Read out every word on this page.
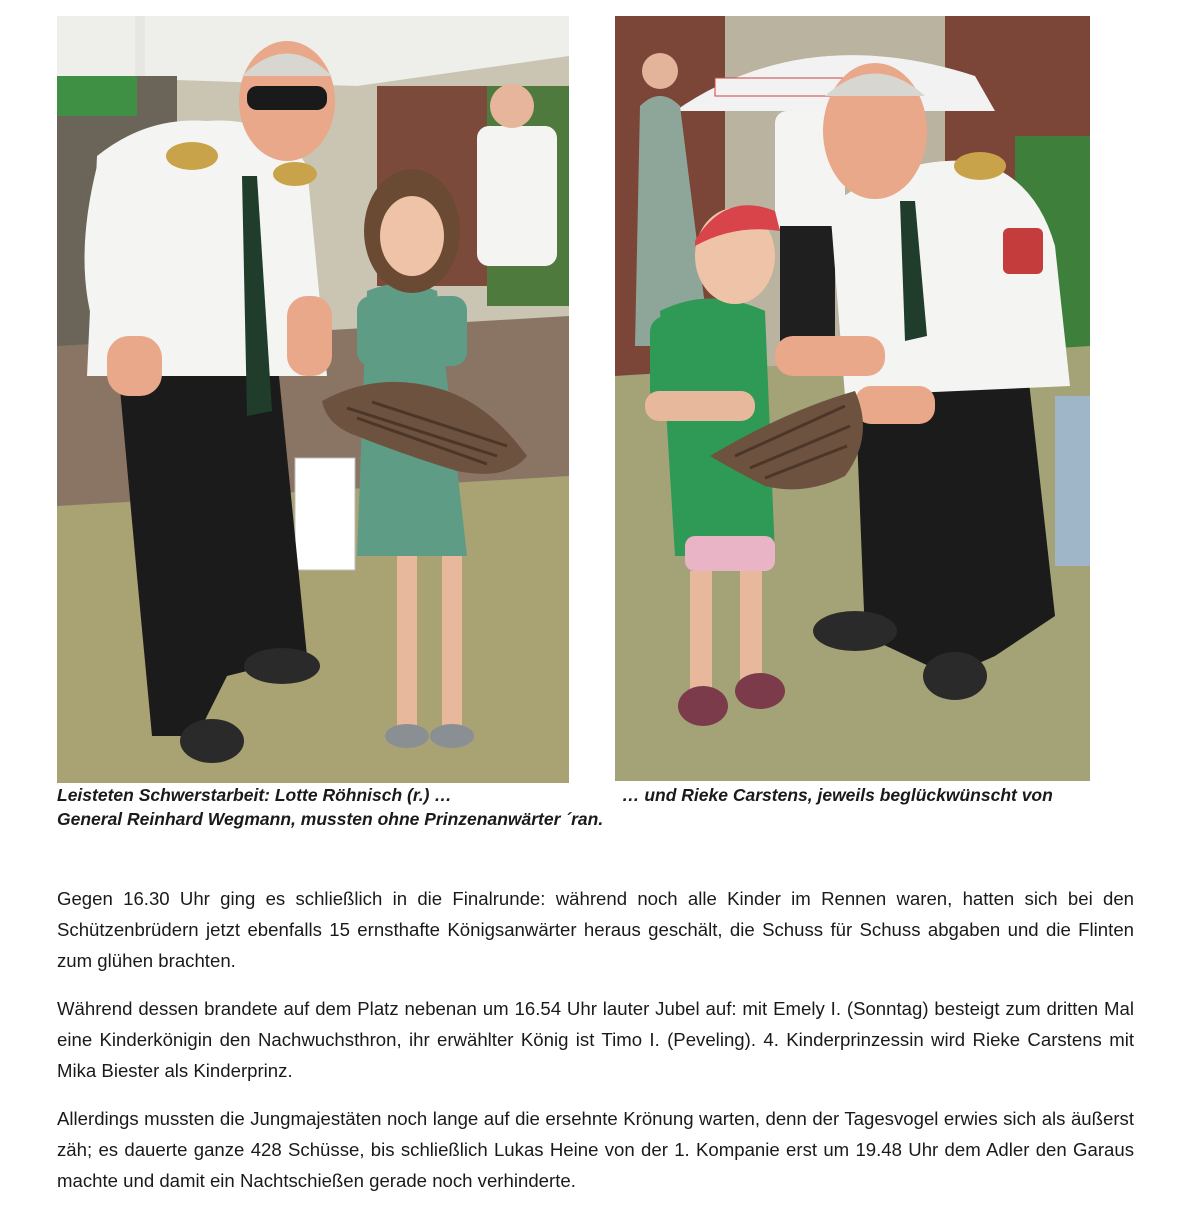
Leisteten Schwerstarbeit: Lotte Röhnisch (r.) …	… und Rieke Carstens, jeweils beglückwünscht von
General Reinhard Wegmann, mussten ohne Prinzenanwärter ´ran.

Gegen 16.30 Uhr ging es schließlich in die Finalrunde: während noch alle Kinder im Rennen waren, hatten sich bei den Schützenbrüdern jetzt ebenfalls 15 ernsthafte Königsanwärter heraus geschält, die Schuss für Schuss abgaben und die Flinten zum glühen brachten.

Während dessen brandete auf dem Platz nebenan um 16.54 Uhr lauter Jubel auf: mit Emely I. (Sonntag) besteigt zum dritten Mal eine Kinderkönigin den Nachwuchsthron, ihr erwählter König ist Timo I. (Peveling). 4. Kinderprinzessin wird Rieke Carstens mit Mika Biester als Kinderprinz.

Allerdings mussten die Jungmajestäten noch lange auf die ersehnte Krönung warten, denn der Tagesvogel erwies sich als äußerst zäh; es dauerte ganze 428 Schüsse, bis schließlich Lukas Heine von der 1. Kompanie erst um 19.48 Uhr dem Adler den Garaus machte und damit ein Nachtschießen gerade noch verhinderte.
